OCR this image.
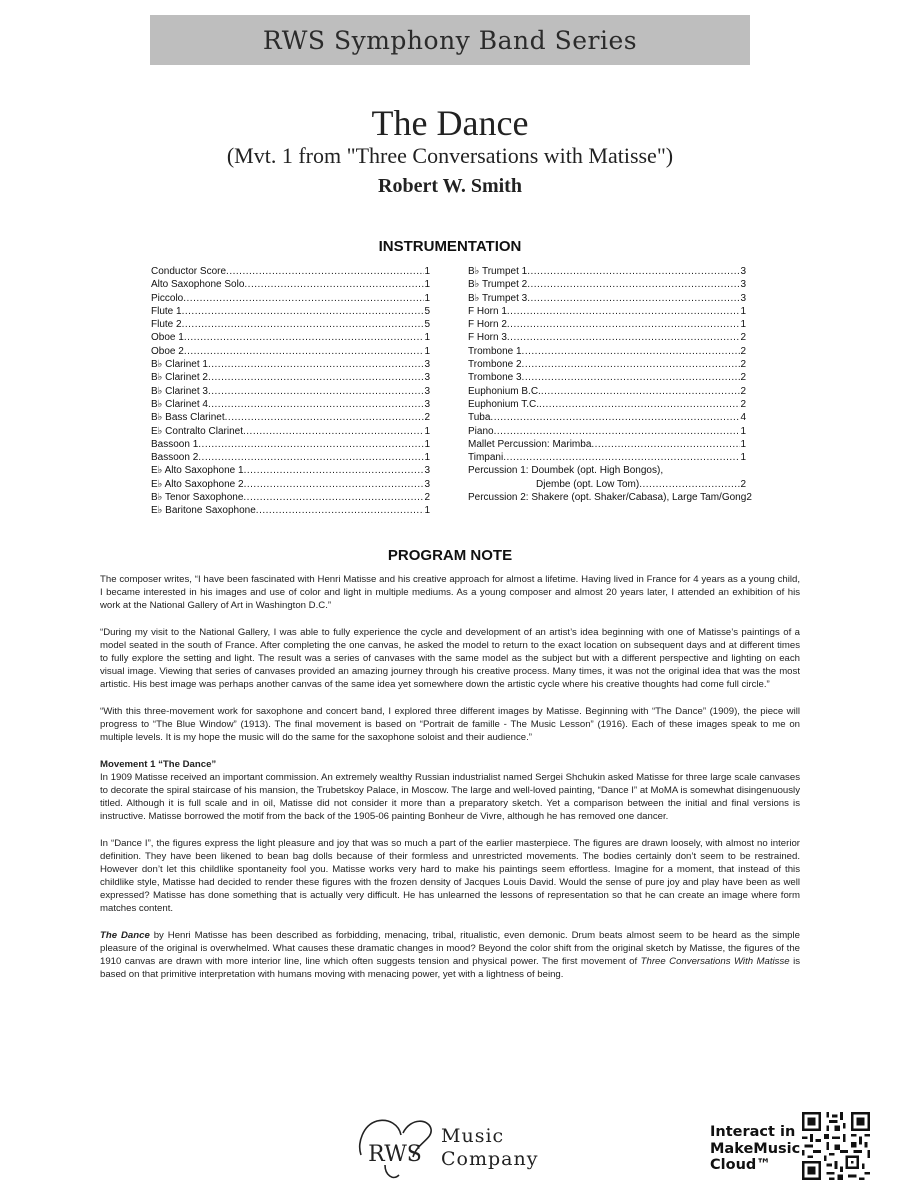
RWS Symphony Band Series
The Dance
(Mvt. 1 from "Three Conversations with Matisse")
Robert W. Smith
INSTRUMENTATION
Conductor Score .....	1
Alto Saxophone Solo .....	1
Piccolo .....	1
Flute 1 .....	5
Flute 2 .....	5
Oboe 1 .....	1
Oboe 2 .....	1
B♭ Clarinet 1 .....	3
B♭ Clarinet 2 .....	3
B♭ Clarinet 3 .....	3
B♭ Clarinet 4 .....	3
B♭ Bass Clarinet .....	2
E♭ Contralto Clarinet .....	1
Bassoon 1 .....	1
Bassoon 2 .....	1
E♭ Alto Saxophone 1 .....	3
E♭ Alto Saxophone 2 .....	3
B♭ Tenor Saxophone .....	2
E♭ Baritone Saxophone .....	1
B♭ Trumpet 1 .....	3
B♭ Trumpet 2 .....	3
B♭ Trumpet 3 .....	3
F Horn 1 .....	1
F Horn 2 .....	1
F Horn 3 .....	2
Trombone 1 .....	2
Trombone 2 .....	2
Trombone 3 .....	2
Euphonium B.C. .....	2
Euphonium T.C. .....	2
Tuba .....	4
Piano .....	1
Mallet Percussion: Marimba .....	1
Timpani .....	1
Percussion 1: Doumbek (opt. High Bongos),
Djembe (opt. Low Tom) .....	2
Percussion 2: Shakere (opt. Shaker/Cabasa), Large Tam/Gong 2
PROGRAM NOTE

The composer writes, “I have been fascinated with Henri Matisse and his creative approach for almost a lifetime. Having lived in France for 4 years as a young child, I became interested in his images and use of color and light in multiple mediums. As a young composer and almost 20 years later, I attended an exhibition of his work at the National Gallery of Art in Washington D.C.”

“During my visit to the National Gallery, I was able to fully experience the cycle and development of an artist’s idea beginning with one of Matisse’s paintings of a model seated in the south of France. After completing the one canvas, he asked the model to return to the exact location on subsequent days and at different times to fully explore the setting and light. The result was a series of canvases with the same model as the subject but with a different perspective and lighting on each visual image. Viewing that series of canvases provided an amazing journey through his creative process. Many times, it was not the original idea that was the most artistic. His best image was perhaps another canvas of the same idea yet somewhere down the artistic cycle where his creative thoughts had come full circle.”

“With this three-movement work for saxophone and concert band, I explored three different images by Matisse. Beginning with “The Dance” (1909), the piece will progress to “The Blue Window” (1913). The final movement is based on “Portrait de famille - The Music Lesson” (1916). Each of these images speak to me on multiple levels. It is my hope the music will do the same for the saxophone soloist and their audience.”

Movement 1 “The Dance”

In 1909 Matisse received an important commission. An extremely wealthy Russian industrialist named Sergei Shchukin asked Matisse for three large scale canvases to decorate the spiral staircase of his mansion, the Trubetskoy Palace, in Moscow. The large and well-loved painting, “Dance I” at MoMA is somewhat disingenuously titled. Although it is full scale and in oil, Matisse did not consider it more than a preparatory sketch. Yet a comparison between the initial and final versions is instructive. Matisse borrowed the motif from the back of the 1905-06 painting Bonheur de Vivre, although he has removed one dancer.

In “Dance I”, the figures express the light pleasure and joy that was so much a part of the earlier masterpiece. The figures are drawn loosely, with almost no interior definition. They have been likened to bean bag dolls because of their formless and unrestricted movements. The bodies certainly don’t seem to be restrained. However don’t let this childlike spontaneity fool you. Matisse works very hard to make his paintings seem effortless. Imagine for a moment, that instead of this childlike style, Matisse had decided to render these figures with the frozen density of Jacques Louis David. Would the sense of pure joy and play have been as well expressed? Matisse has done something that is actually very difficult. He has unlearned the lessons of representation so that he can create an image where form matches content.

The Dance by Henri Matisse has been described as forbidding, menacing, tribal, ritualistic, even demonic. Drum beats almost seem to be heard as the simple pleasure of the original is overwhelmed. What causes these dramatic changes in mood? Beyond the color shift from the original sketch by Matisse, the figures of the 1910 canvas are drawn with more interior line, line which often suggests tension and physical power. The first movement of Three Conversations With Matisse is based on that primitive interpretation with humans moving with menacing power, yet with a lightness of being.

RWS
Music
Company
Interact in
MakeMusic
Cloud™
